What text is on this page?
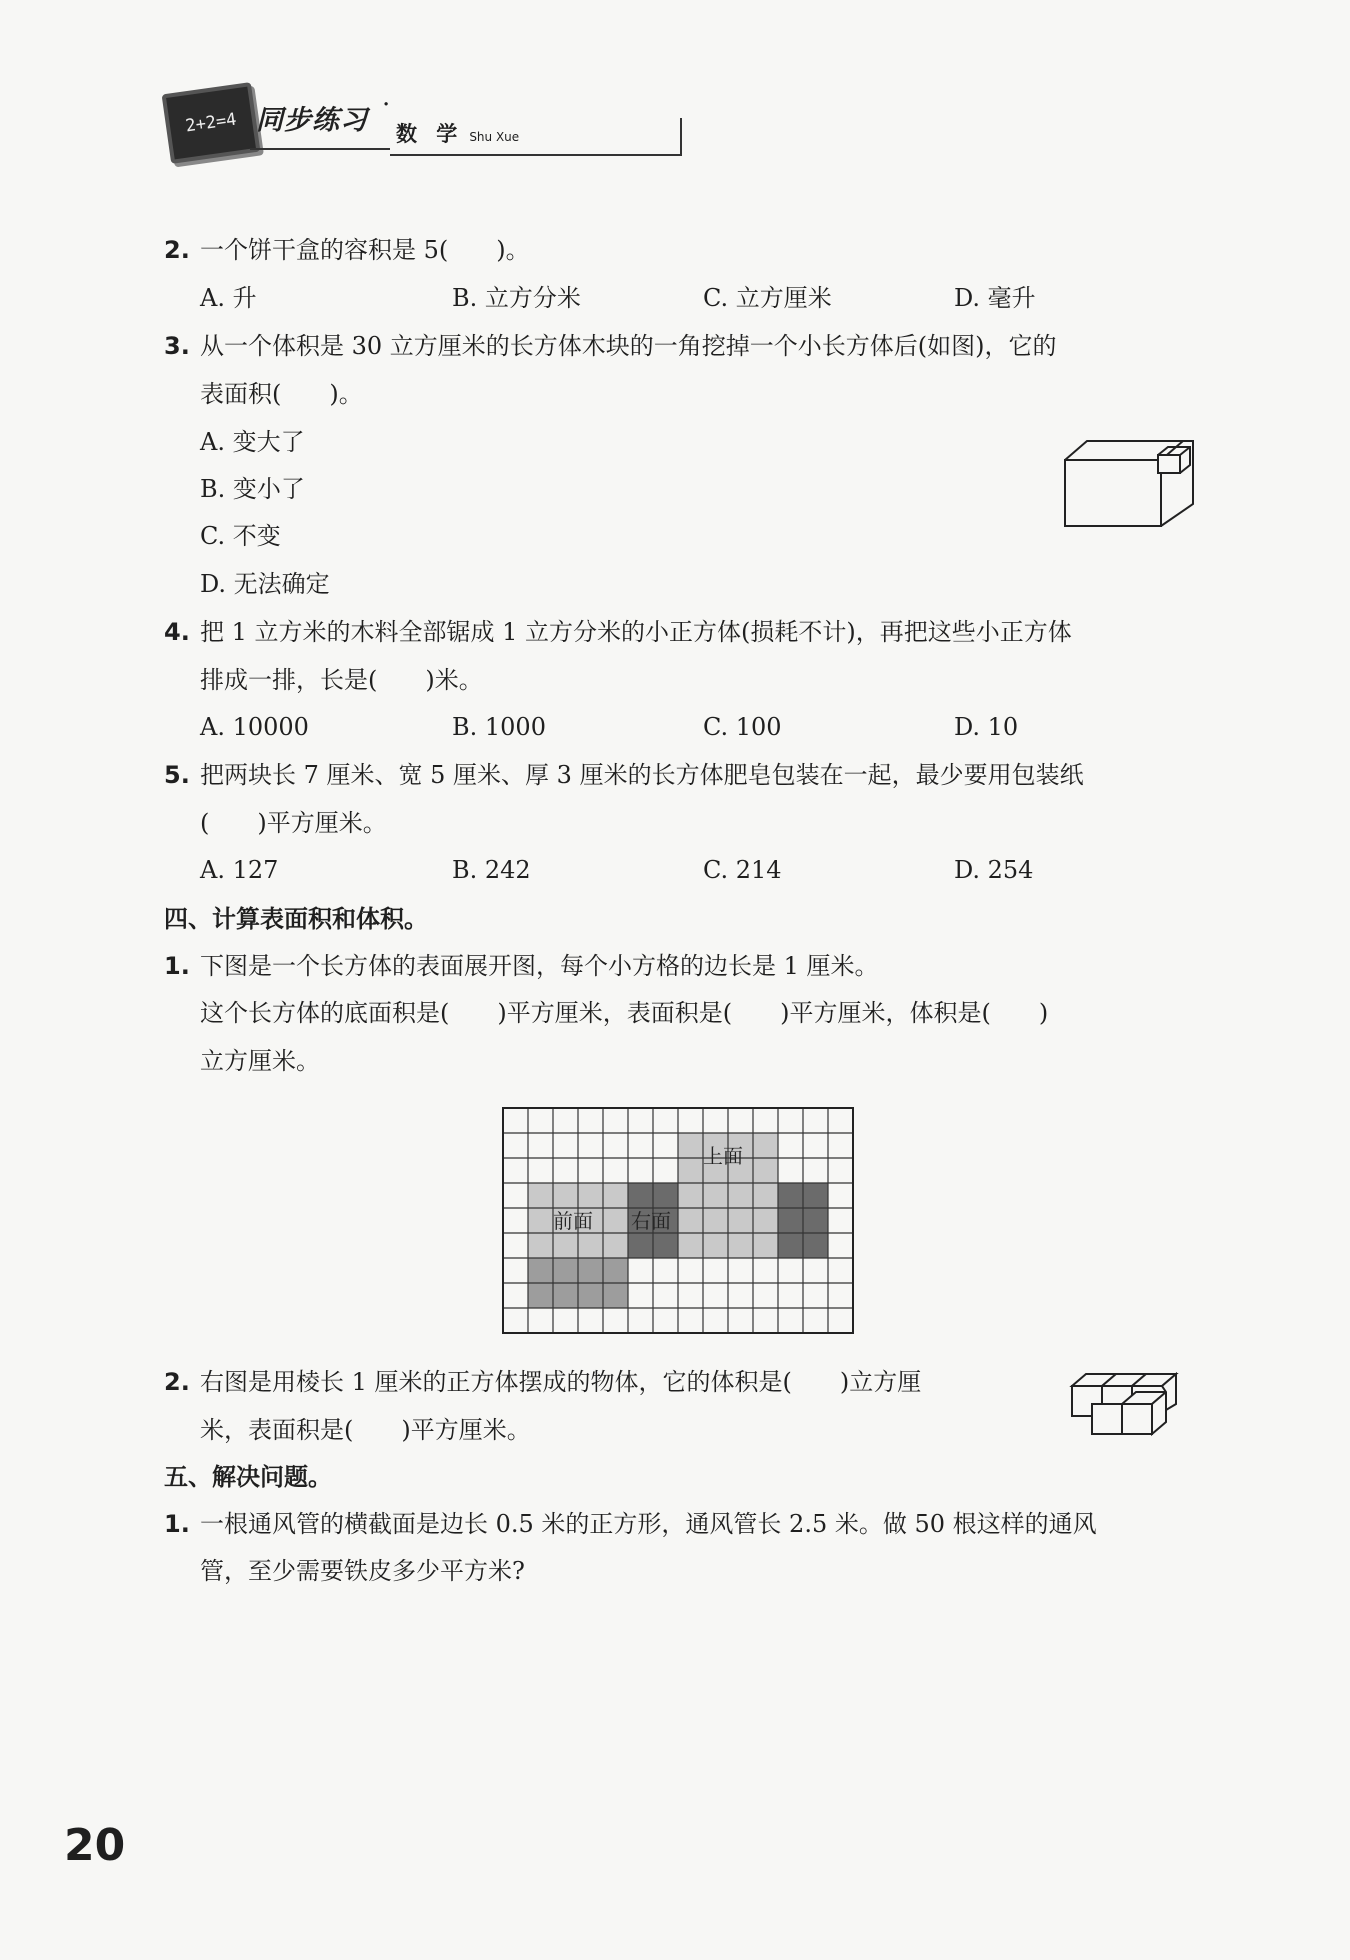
2+2=4 同步练习 ·
数 学 Shu Xue
2. 一个饼干盒的容积是 5(　　)。
A. 升	B. 立方分米	C. 立方厘米	D. 毫升
3. 从一个体积是 30 立方厘米的长方体木块的一角挖掉一个小长方体后(如图)，它的
表面积(　　)。
A. 变大了
B. 变小了
C. 不变
D. 无法确定
4. 把 1 立方米的木料全部锯成 1 立方分米的小正方体(损耗不计)，再把这些小正方体
排成一排，长是(　　)米。
A. 10000	B. 1000	C. 100	D. 10
5. 把两块长 7 厘米、宽 5 厘米、厚 3 厘米的长方体肥皂包装在一起，最少要用包装纸
(　　)平方厘米。
A. 127	B. 242	C. 214	D. 254
四、计算表面积和体积。
1. 下图是一个长方体的表面展开图，每个小方格的边长是 1 厘米。
这个长方体的底面积是(　　)平方厘米，表面积是(　　)平方厘米，体积是(　　)
立方厘米。
上面
前面 右面
2. 右图是用棱长 1 厘米的正方体摆成的物体，它的体积是(　　)立方厘
米，表面积是(　　)平方厘米。
五、解决问题。
1. 一根通风管的横截面是边长 0.5 米的正方形，通风管长 2.5 米。做 50 根这样的通风
管，至少需要铁皮多少平方米?
20
